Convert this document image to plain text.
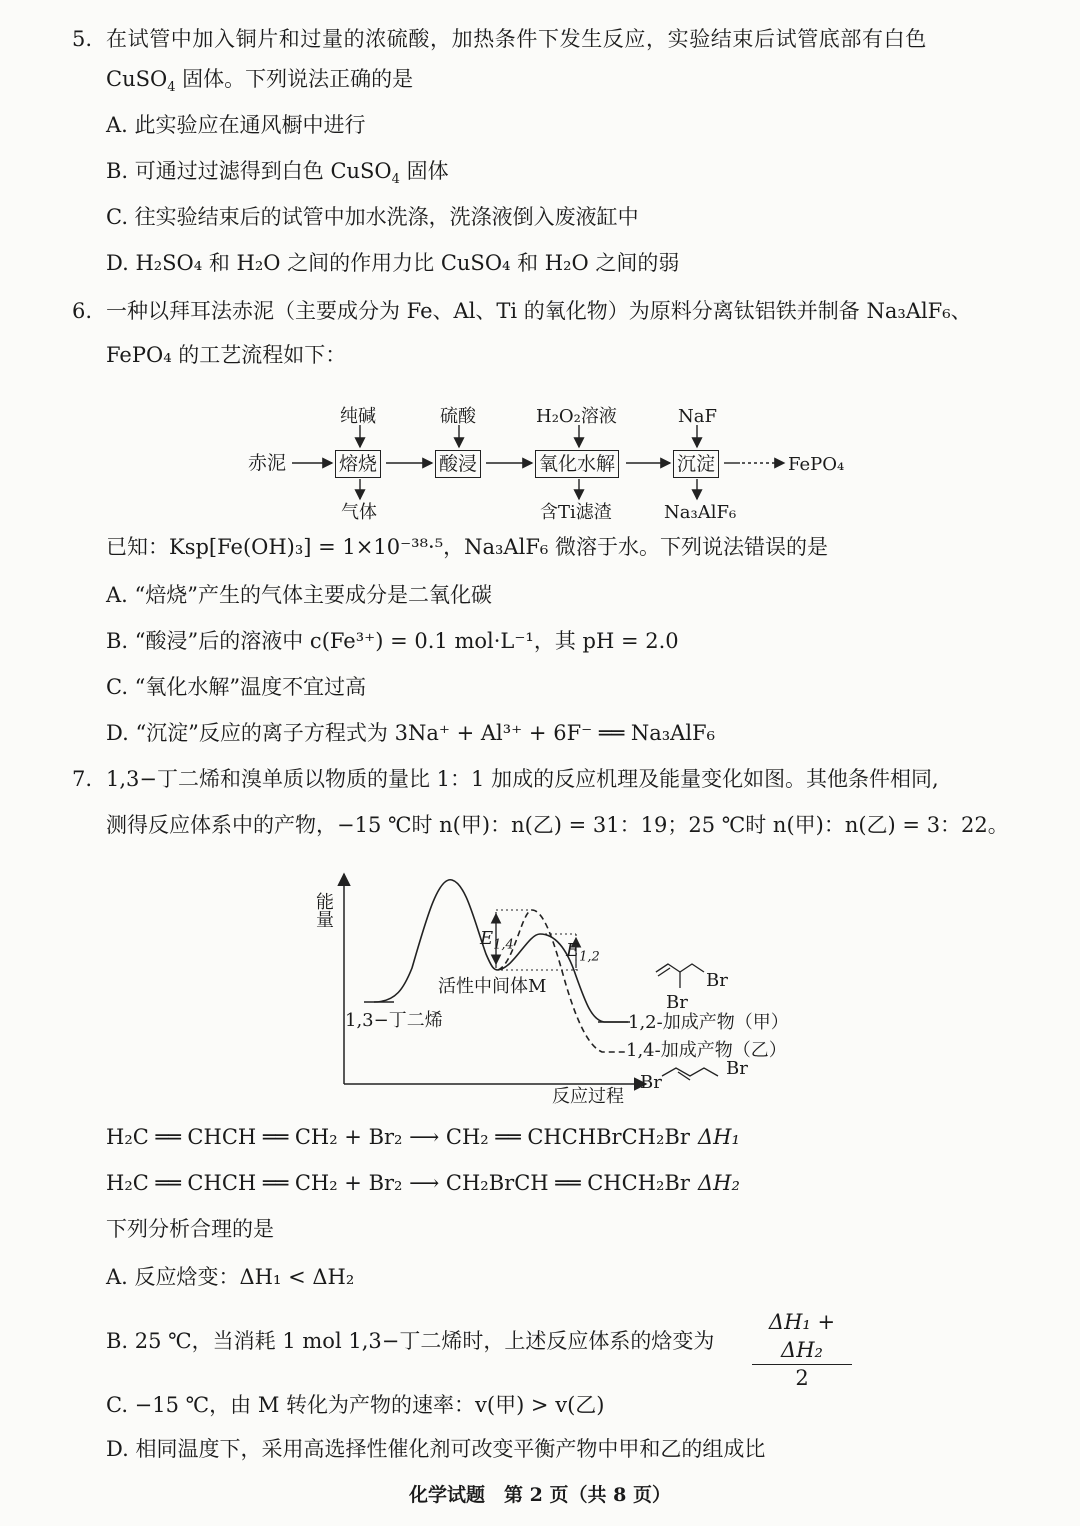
5. 在试管中加入铜片和过量的浓硫酸，加热条件下发生反应，实验结束后试管底部有白色
CuSO$_4$ 固体。下列说法正确的是
A. 此实验应在通风橱中进行
B. 可通过过滤得到白色 CuSO$_4$ 固体
C. 往实验结束后的试管中加水洗涤，洗涤液倒入废液缸中
D. H₂SO₄ 和 H₂O 之间的作用力比 CuSO₄ 和 H₂O 之间的弱
6. 一种以拜耳法赤泥（主要成分为 Fe、Al、Ti 的氧化物）为原料分离钛铝铁并制备 Na₃AlF₆、
FePO₄ 的工艺流程如下：
赤泥	熔烧	酸浸	氧化水解	沉淀	FePO₄
纯碱	硫酸	H₂O₂溶液	NaF
气体	含Ti滤渣	Na₃AlF₆
已知：Ksp[Fe(OH)₃] = 1×10⁻³⁸·⁵，Na₃AlF₆ 微溶于水。下列说法错误的是
A. “焙烧”产生的气体主要成分是二氧化碳
B. “酸浸”后的溶液中 c(Fe³⁺) = 0.1 mol·L⁻¹，其 pH = 2.0
C. “氧化水解”温度不宜过高
D. “沉淀”反应的离子方程式为 3Na⁺ + Al³⁺ + 6F⁻ ══ Na₃AlF₆
7. 1,3−丁二烯和溴单质以物质的量比 1：1 加成的反应机理及能量变化如图。其他条件相同,
测得反应体系中的产物，−15 ℃时 n(甲)：n(乙) = 31：19；25 ℃时 n(甲)：n(乙) = 3：22。
能量
反应过程
1,3−丁二烯
活性中间体M
$E_{1,4}$	$E_{1,2}$
1,2-加成产物（甲）
1,4-加成产物（乙）
Br
Br
Br
Br
H₂C ══ CHCH ══ CH₂ + Br₂ ⟶ CH₂ ══ CHCHBrCH₂Br ΔH₁
H₂C ══ CHCH ══ CH₂ + Br₂ ⟶ CH₂BrCH ══ CHCH₂Br ΔH₂
下列分析合理的是
A. 反应焓变：ΔH₁ < ΔH₂
B. 25 ℃，当消耗 1 mol 1,3−丁二烯时，上述反应体系的焓变为 $\frac{\text{ΔH₁ + ΔH₂}}{2}$
C. −15 ℃，由 M 转化为产物的速率：v(甲) > v(乙)
D. 相同温度下，采用高选择性催化剂可改变平衡产物中甲和乙的组成比
化学试题　第 2 页（共 8 页）
